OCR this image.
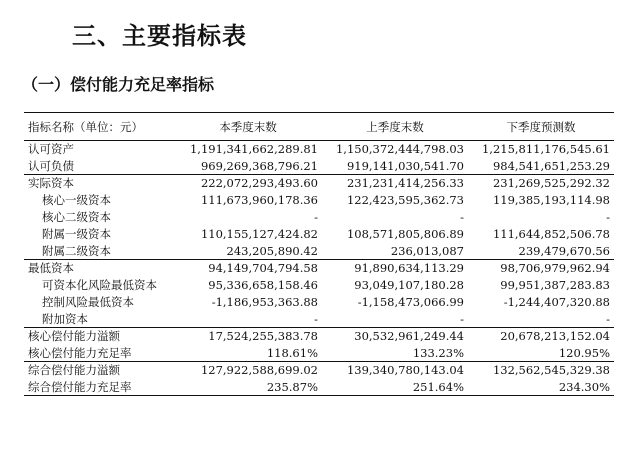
三、主要指标表
（一）偿付能力充足率指标
指标名称（单位：元）	本季度末数	上季度末数	下季度预测数
认可资产	1,191,341,662,289.81	1,150,372,444,798.03	1,215,811,176,545.61
认可负债	969,269,368,796.21	919,141,030,541.70	984,541,651,253.29
实际资本	222,072,293,493.60	231,231,414,256.33	231,269,525,292.32
核心一级资本	111,673,960,178.36	122,423,595,362.73	119,385,193,114.98
核心二级资本	-	-	-
附属一级资本	110,155,127,424.82	108,571,805,806.89	111,644,852,506.78
附属二级资本	243,205,890.42	236,013,087	239,479,670.56
最低资本	94,149,704,794.58	91,890,634,113.29	98,706,979,962.94
可资本化风险最低资本	95,336,658,158.46	93,049,107,180.28	99,951,387,283.83
控制风险最低资本	-1,186,953,363.88	-1,158,473,066.99	-1,244,407,320.88
附加资本	-	-	-
核心偿付能力溢额	17,524,255,383.78	30,532,961,249.44	20,678,213,152.04
核心偿付能力充足率	118.61%	133.23%	120.95%
综合偿付能力溢额	127,922,588,699.02	139,340,780,143.04	132,562,545,329.38
综合偿付能力充足率	235.87%	251.64%	234.30%
